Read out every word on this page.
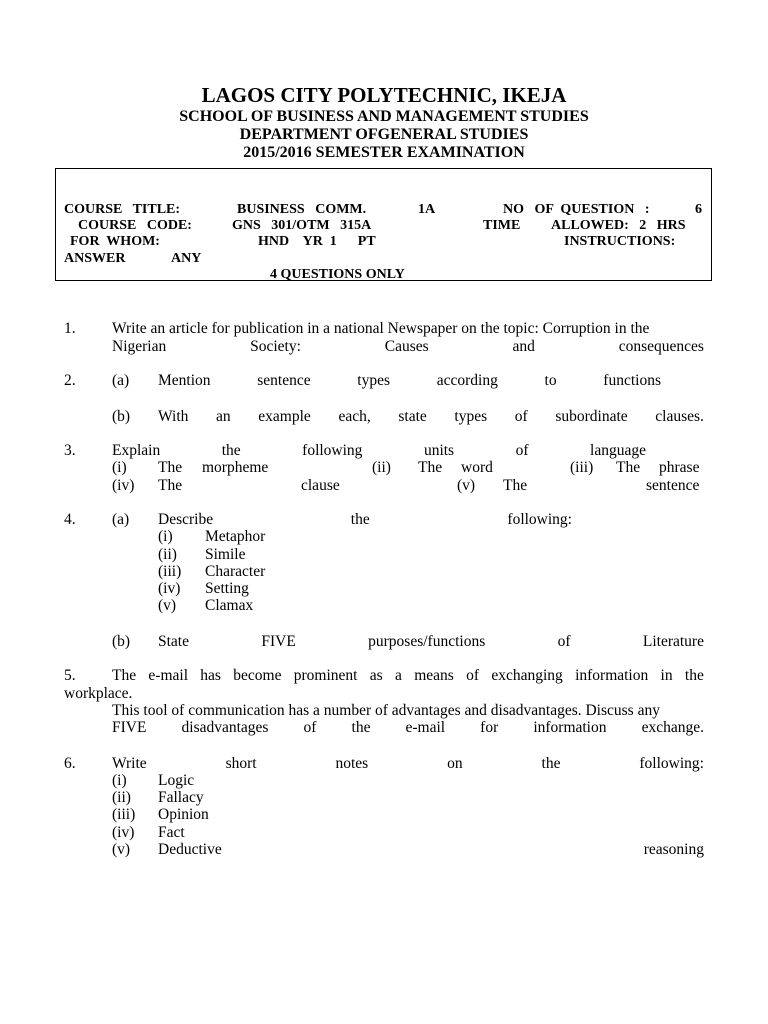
LAGOS CITY POLYTECHNIC, IKEJA
SCHOOL OF BUSINESS AND MANAGEMENT STUDIES
DEPARTMENT OFGENERAL STUDIES
2015/2016 SEMESTER EXAMINATION
COURSE   TITLE:	BUSINESS   COMM.	1A	NO   OF  QUESTION   :	6
COURSE   CODE:	GNS   301/OTM   315A	TIME ALLOWED:   2   HRS
FOR  WHOM:	HND    YR  1      PT	INSTRUCTIONS:
ANSWER	ANY
4 QUESTIONS ONLY
1. Write an article for publication in a national Newspaper on the topic: Corruption in the
Nigerian	Society:	Causes	and	consequences
2. (a) Mention	sentence	types	according	to	functions
(b) With an example each, state types of subordinate clauses.
3. Explain	the	following	units	of	language
(i) The morpheme	(ii) The word	(iii) The phrase
(iv) The	clause	(v) The	sentence
4. (a) Describe	the	following:
(i) Metaphor
(ii) Simile
(iii) Character
(iv) Setting
(v) Clamax
(b) State	FIVE	purposes/functions	of	Literature
5. The e-mail has become prominent as a means of exchanging information in the
workplace.
This tool of communication has a number of advantages and disadvantages. Discuss any
FIVE disadvantages of the e-mail for information exchange.
6. Write	short	notes	on	the	following:
(i) Logic
(ii) Fallacy
(iii) Opinion
(iv) Fact
(v) Deductive	reasoning
